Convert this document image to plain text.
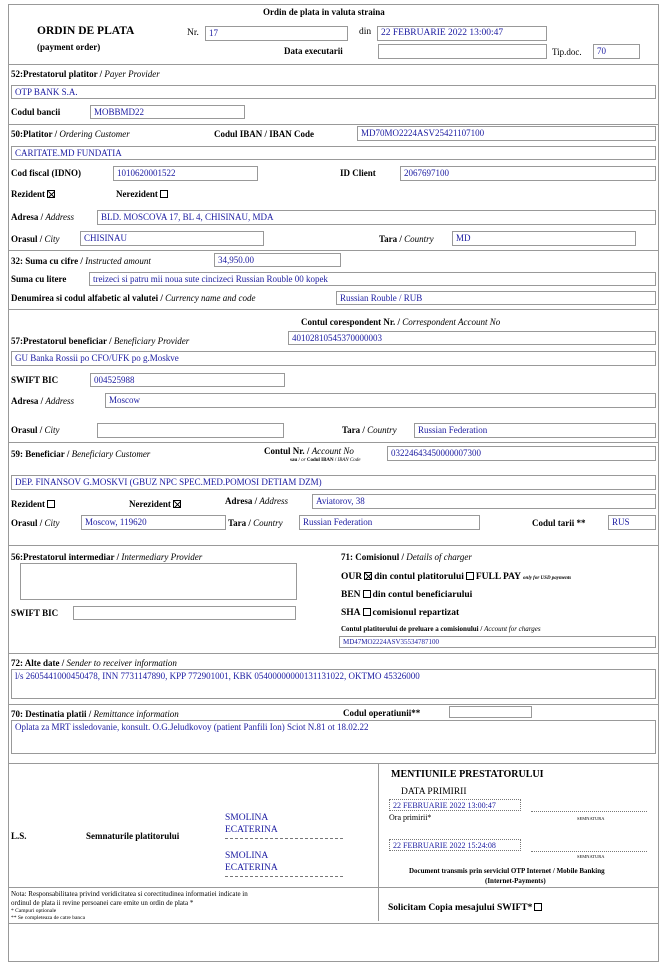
Ordin de plata in valuta straina
ORDIN DE PLATA
(payment order)
Nr.	17	din	22 FEBRUARIE 2022 13:00:47
Data executarii	Tip.doc.	70
52:Prestatorul platitor / Payer Provider
OTP BANK S.A.
Codul bancii	MOBBMD22
50:Platitor / Ordering Customer	Codul IBAN / IBAN Code	MD70MO2224ASV25421107100
CARITATE.MD FUNDATIA
Cod fiscal (IDNO)	1010620001522	ID Client	2067697100
Rezident	Nerezident
Adresa / Address	BLD. MOSCOVA 17, BL 4, CHISINAU, MDA
Orasul / City	CHISINAU	Tara / Country	MD
32: Suma cu cifre / Instructed amount	34,950.00
Suma cu litere	treizeci si patru mii noua sute cincizeci Russian Rouble 00 kopek
Denumirea si codul alfabetic al valutei / Currency name and code	Russian Rouble / RUB
Contul corespondent Nr. / Correspondent Account No
40102810545370000003
57:Prestatorul beneficiar / Beneficiary Provider
GU Banka Rossii po CFO/UFK po g.Moskve
SWIFT BIC	004525988
Adresa / Address	Moscow
Orasul / City	Tara / Country	Russian Federation
59: Beneficiar / Beneficiary Customer	Contul Nr. / Account No
sau / or Codul IBAN / IBAN Code
03224643450000007300
DEP. FINANSOV G.MOSKVI (GBUZ NPC SPEC.MED.POMOSI DETIAM DZM)
Rezident	Nerezident	Adresa / Address	Aviatorov, 38
Orasul / City	Moscow, 119620	Tara / Country	Russian Federation	Codul tarii **	RUS
56:Prestatorul intermediar / Intermediary Provider
SWIFT BIC
71: Comisionul / Details of charger
OUR din contul platitorului FULL PAY only for USD payments
BEN din contul beneficiarului
SHA comisionul repartizat
Contul platitorului de preluare a comisionului / Account for charges
MD47MO2224ASV35534787100
72: Alte date / Sender to receiver information
l/s 2605441000450478, INN 7731147890, KPP 772901001, KBK 05400000000131131022, OKTMO 45326000
70: Destinatia platii / Remittance information	Codul operatiunii**
Oplata za MRT issledovanie, konsult. O.G.Jeludkovoy (patient Panfili Ion) Sciot N.81 ot 18.02.22
L.S.	Semnaturile platitorului
SMOLINA
ECATERINA
SMOLINA
ECATERINA
MENTIUNILE PRESTATORULUI
DATA PRIMIRII
22 FEBRUARIE 2022 13:00:47
Ora primirii*	SEMNATURA
22 FEBRUARIE 2022 15:24:08
SEMNATURA
Document transmis prin serviciul OTP Internet / Mobile Banking
(Internet-Payments)
Nota: Responsabilitatea privind veridicitatea si corectitudinea informatiei indicate in
ordinul de plata ii revine persoanei care emite un ordin de plata *
* Campuri optionale
** Se completeaza de catre banca
Solicitam Copia mesajului SWIFT*
